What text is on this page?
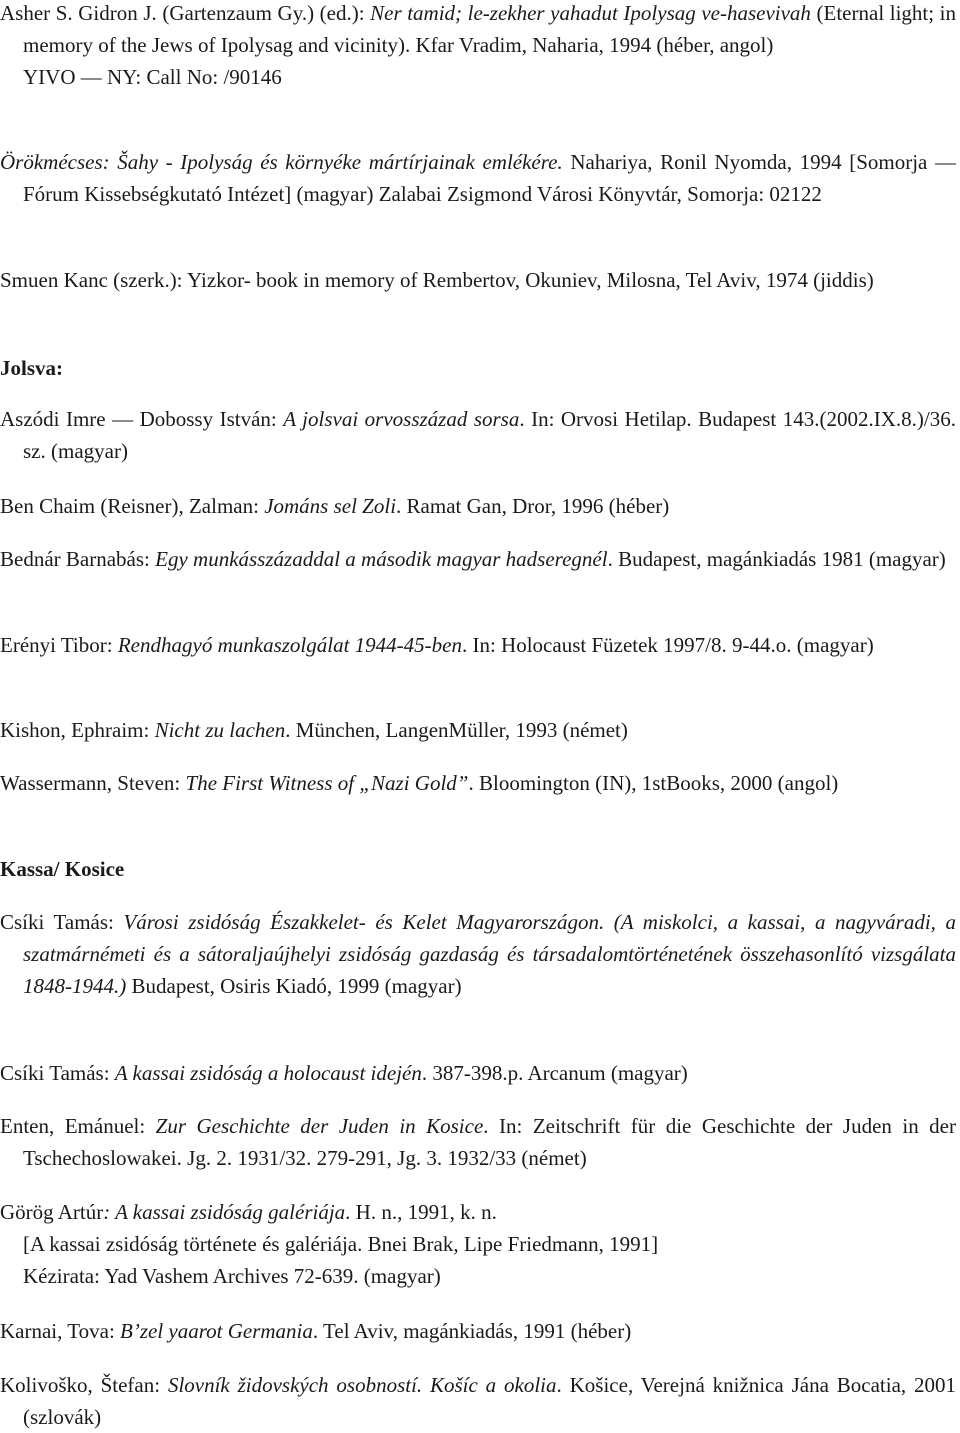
Asher S. Gidron J. (Gartenzaum Gy.) (ed.): Ner tamid; le-zekher yahadut Ipolysag ve-hasevivah (Eternal light; in memory of the Jews of Ipolysag and vicinity). Kfar Vradim, Naharia, 1994 (héber, angol)
YIVO — NY: Call No: /90146
Örökmécses: Šahy - Ipolyság és környéke mártírjainak emlékére. Nahariya, Ronil Nyomda, 1994 [Somorja — Fórum Kissebségkutató Intézet] (magyar) Zalabai Zsigmond Városi Könyvtár, Somorja: 02122
Smuen Kanc (szerk.): Yizkor- book in memory of Rembertov, Okuniev, Milosna, Tel Aviv, 1974 (jiddis)
Jolsva:
Aszódi Imre — Dobossy István: A jolsvai orvosszázad sorsa. In: Orvosi Hetilap. Budapest 143.(2002.IX.8.)/36. sz. (magyar)
Ben Chaim (Reisner), Zalman: Jománs sel Zoli. Ramat Gan, Dror, 1996 (héber)
Bednár Barnabás: Egy munkásszázaddal a második magyar hadseregnél. Budapest, magánkiadás 1981 (magyar)
Erényi Tibor: Rendhagyó munkaszolgálat 1944-45-ben. In: Holocaust Füzetek 1997/8. 9-44.o. (magyar)
Kishon, Ephraim: Nicht zu lachen. München, LangenMüller, 1993 (német)
Wassermann, Steven: The First Witness of „Nazi Gold”. Bloomington (IN), 1stBooks, 2000 (angol)
Kassa/ Kosice
Csíki Tamás: Városi zsidóság Északkelet- és Kelet Magyarországon. (A miskolci, a kassai, a nagyváradi, a szatmárnémeti és a sátoraljaújhelyi zsidóság gazdaság és társadalomtörténetének összehasonlító vizsgálata 1848-1944.) Budapest, Osiris Kiadó, 1999 (magyar)
Csíki Tamás: A kassai zsidóság a holocaust idején. 387-398.p. Arcanum (magyar)
Enten, Emánuel: Zur Geschichte der Juden in Kosice. In: Zeitschrift für die Geschichte der Juden in der Tschechoslowakei. Jg. 2. 1931/32. 279-291, Jg. 3. 1932/33 (német)
Görög Artúr: A kassai zsidóság galériája. H. n., 1991, k. n.
[A kassai zsidóság története és galériája. Bnei Brak, Lipe Friedmann, 1991]
Kézirata: Yad Vashem Archives 72-639. (magyar)
Karnai, Tova: B’zel yaarot Germania. Tel Aviv, magánkiadás, 1991 (héber)
Kolivoško, Štefan: Slovník židovských osobností. Košíc a okolia. Košice, Verejná knižnica Jána Bocatia, 2001 (szlovák)
